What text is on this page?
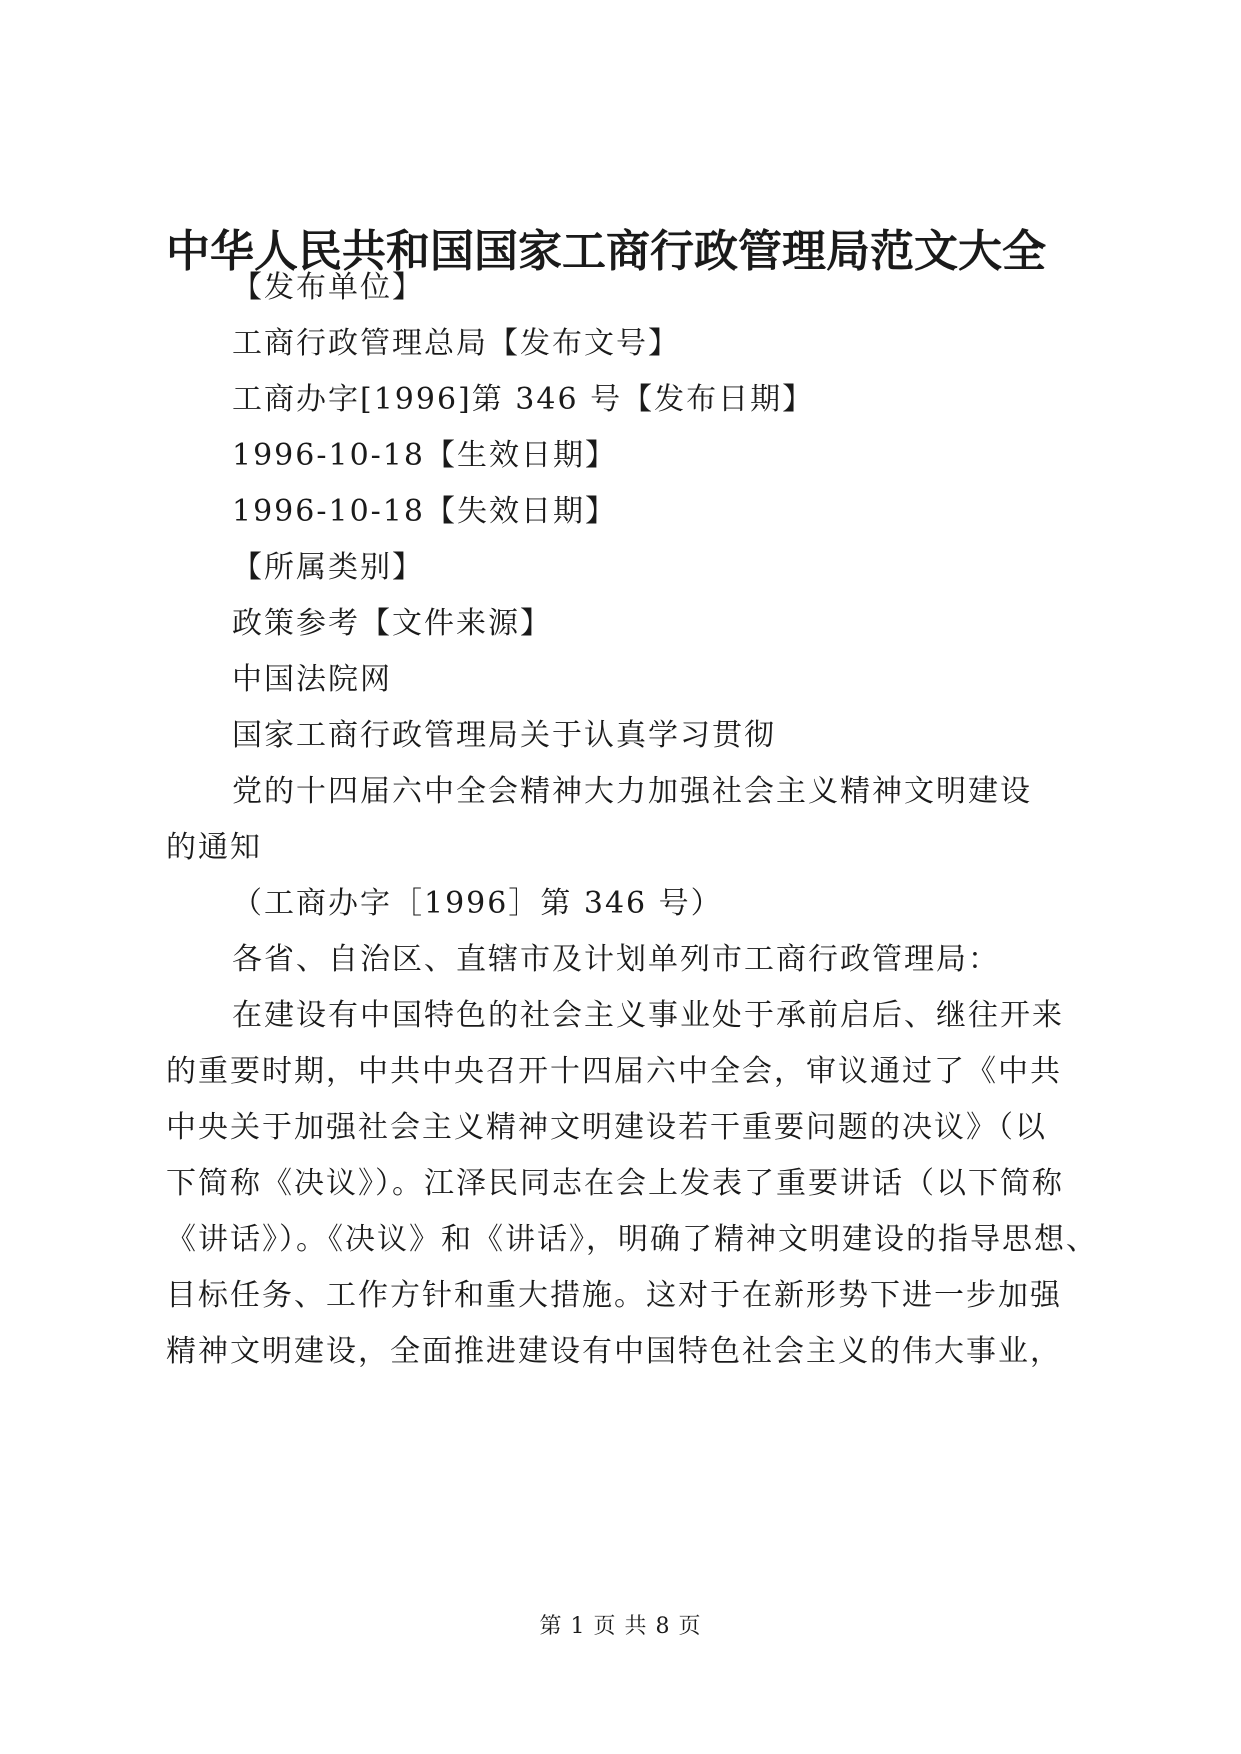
中华人民共和国国家工商行政管理局范文大全
【发布单位】
工商行政管理总局【发布文号】
工商办字[1996]第 346 号【发布日期】
1996-10-18【生效日期】
1996-10-18【失效日期】
【所属类别】
政策参考【文件来源】
中国法院网
国家工商行政管理局关于认真学习贯彻
党的十四届六中全会精神大力加强社会主义精神文明建设
的通知
（工商办字［1996］第 346 号）
各省、自治区、直辖市及计划单列市工商行政管理局：
在建设有中国特色的社会主义事业处于承前启后、继往开来
的重要时期，中共中央召开十四届六中全会，审议通过了《中共
中央关于加强社会主义精神文明建设若干重要问题的决议》（以
下简称《决议》）。江泽民同志在会上发表了重要讲话（以下简称
《讲话》）。《决议》和《讲话》，明确了精神文明建设的指导思想、
目标任务、工作方针和重大措施。这对于在新形势下进一步加强
精神文明建设，全面推进建设有中国特色社会主义的伟大事业，
第 1 页 共 8 页
